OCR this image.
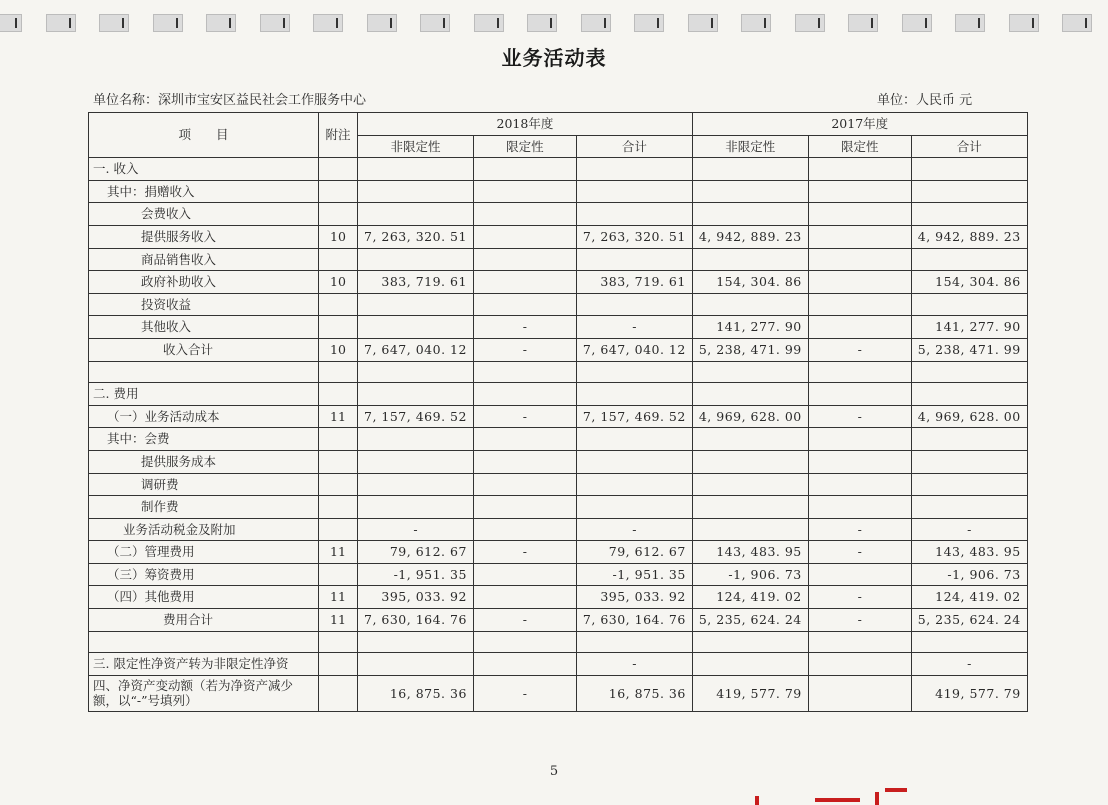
业务活动表
单位名称：深圳市宝安区益民社会工作服务中心	单位：人民币 元
项　　目	附注	2018年度			2017年度		
		非限定性	限定性	合计	非限定性	限定性	合计
一. 收入							
其中：捐赠收入							
会费收入							
提供服务收入	10	7, 263, 320. 51		7, 263, 320. 51	4, 942, 889. 23		4, 942, 889. 23
商品销售收入							
政府补助收入	10	383, 719. 61		383, 719. 61	154, 304. 86		154, 304. 86
投资收益							
其他收入			-	-	141, 277. 90		141, 277. 90
收入合计	10	7, 647, 040. 12	-	7, 647, 040. 12	5, 238, 471. 99	-	5, 238, 471. 99

二. 费用							
（一）业务活动成本	11	7, 157, 469. 52	-	7, 157, 469. 52	4, 969, 628. 00	-	4, 969, 628. 00
其中：会费							
提供服务成本							
调研费							
制作费							
业务活动税金及附加		-		-		-	-
（二）管理费用	11	79, 612. 67	-	79, 612. 67	143, 483. 95	-	143, 483. 95
（三）筹资费用		-1, 951. 35		-1, 951. 35	-1, 906. 73		-1, 906. 73
（四）其他费用	11	395, 033. 92		395, 033. 92	124, 419. 02	-	124, 419. 02
费用合计	11	7, 630, 164. 76	-	7, 630, 164. 76	5, 235, 624. 24	-	5, 235, 624. 24

三. 限定性净资产转为非限定性净资				-			-
四、净资产变动额（若为净资产减少额，以“-”号填列）		16, 875. 36	-	16, 875. 36	419, 577. 79		419, 577. 79
5
